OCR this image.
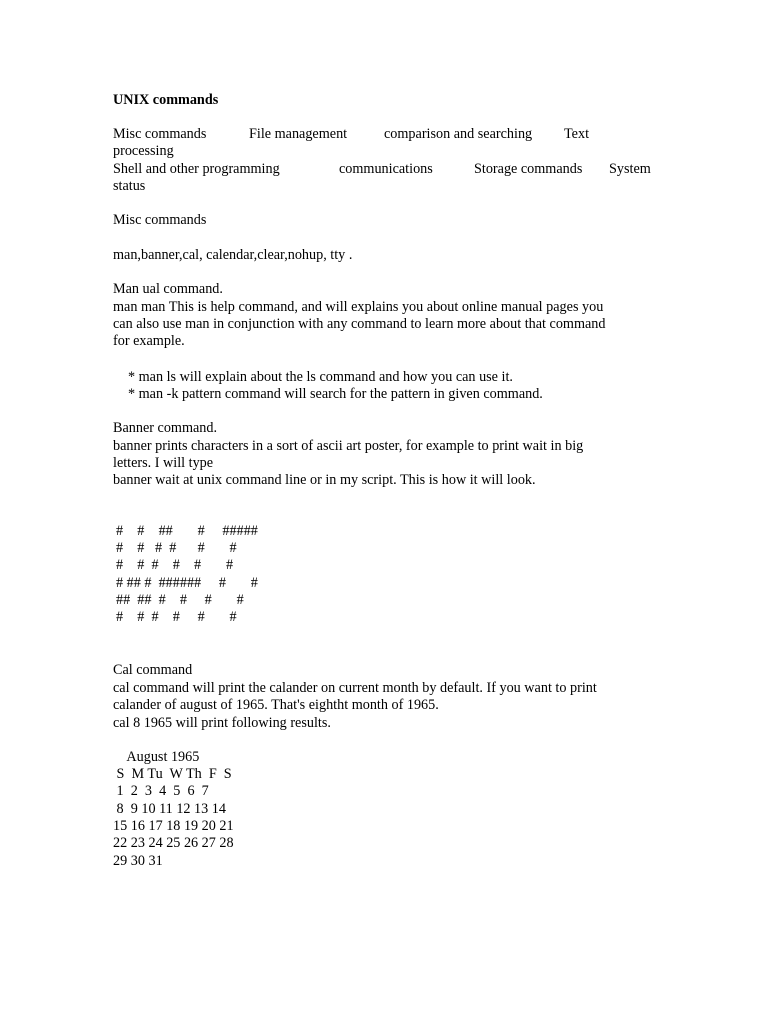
UNIX commands
Misc commands	File management	comparison and searching Text
processing
Shell and other programming	communications	Storage commands System
status
Misc commands
man,banner,cal, calendar,clear,nohup, tty .
Man ual command.
man man This is help command, and will explains you about online manual pages you
can also use man in conjunction with any command to learn more about that command
for example.
* man ls will explain about the ls command and how you can use it.
* man -k pattern command will search for the pattern in given command.
Banner command.
banner prints characters in a sort of ascii art poster, for example to print wait in big
letters. I will type
banner wait at unix command line or in my script. This is how it will look.
#    #    ##       #     #####
#    #   #  #      #       #
#    #  #    #    #       #
# ## #  ######     #       #
##  ##  #    #     #       #
#    #  #    #     #       #
Cal command
cal command will print the calander on current month by default. If you want to print
calander of august of 1965. That's eightht month of 1965.
cal 8 1965 will print following results.
August 1965
S  M Tu  W Th  F  S
1  2  3  4  5  6  7
8  9 10 11 12 13 14
15 16 17 18 19 20 21
22 23 24 25 26 27 28
29 30 31
